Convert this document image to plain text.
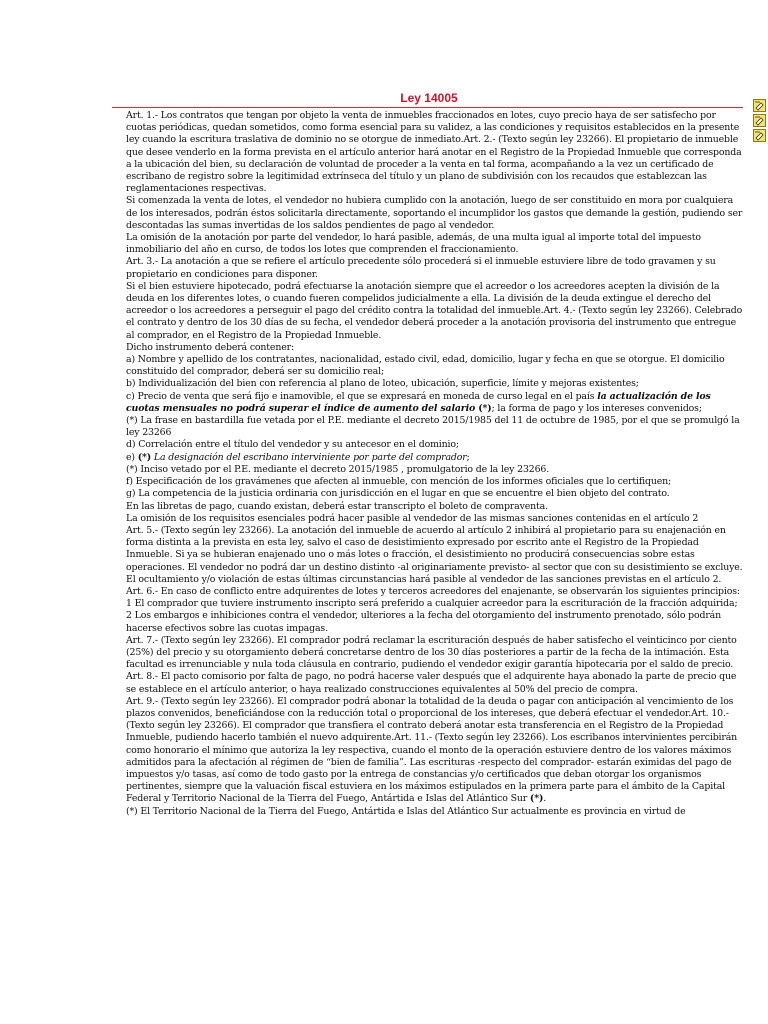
Ley 14005

Art. 1.- Los contratos que tengan por objeto la venta de inmuebles fraccionados en lotes, cuyo precio haya de ser satisfecho por cuotas periódicas, quedan sometidos, como forma esencial para su validez, a las condiciones y requisitos establecidos en la presente ley cuando la escritura traslativa de dominio no se otorgue de inmediato.Art. 2.- (Texto según ley 23266). El propietario de inmueble que desee venderlo en la forma prevista en el artículo anterior hará anotar en el Registro de la Propiedad Inmueble que corresponda a la ubicación del bien, su declaración de voluntad de proceder a la venta en tal forma, acompañando a la vez un certificado de escribano de registro sobre la legitimidad extrínseca del título y un plano de subdivisión con los recaudos que establezcan las reglamentaciones respectivas.

Si comenzada la venta de lotes, el vendedor no hubiera cumplido con la anotación, luego de ser constituido en mora por cualquiera de los interesados, podrán éstos solicitarla directamente, soportando el incumplidor los gastos que demande la gestión, pudiendo ser descontadas las sumas invertidas de los saldos pendientes de pago al vendedor.

La omisión de la anotación por parte del vendedor, lo hará pasible, además, de una multa igual al importe total del impuesto inmobiliario del año en curso, de todos los lotes que comprenden el fraccionamiento.

Art. 3.- La anotación a que se refiere el artículo precedente sólo procederá si el inmueble estuviere libre de todo gravamen y su propietario en condiciones para disponer.

Si el bien estuviere hipotecado, podrá efectuarse la anotación siempre que el acreedor o los acreedores acepten la división de la deuda en los diferentes lotes, o cuando fueren compelidos judicialmente a ella. La división de la deuda extingue el derecho del acreedor o los acreedores a perseguir el pago del crédito contra la totalidad del inmueble.Art. 4.- (Texto según ley 23266). Celebrado el contrato y dentro de los 30 días de su fecha, el vendedor deberá proceder a la anotación provisoria del instrumento que entregue al comprador, en el Registro de la Propiedad Inmueble.

Dicho instrumento deberá contener:

a) Nombre y apellido de los contratantes, nacionalidad, estado civil, edad, domicilio, lugar y fecha en que se otorgue. El domicilio constituido del comprador, deberá ser su domicilio real;

b) Individualización del bien con referencia al plano de loteo, ubicación, superficie, límite y mejoras existentes;

c) Precio de venta que será fijo e inamovible, el que se expresará en moneda de curso legal en el país la actualización de los cuotas mensuales no podrá superar el índice de aumento del salario (*); la forma de pago y los intereses convenidos;

(*) La frase en bastardilla fue vetada por el P.E. mediante el decreto 2015/1985 del 11 de octubre de 1985, por el que se promulgó la ley 23266

d) Correlación entre el título del vendedor y su antecesor en el dominio;

e) (*) La designación del escribano interviniente por parte del comprador;

(*) Inciso vetado por el P.E. mediante el decreto 2015/1985 , promulgatorio de la ley 23266.

f) Especificación de los gravámenes que afecten al inmueble, con mención de los informes oficiales que lo certifiquen;

g) La competencia de la justicia ordinaria con jurisdicción en el lugar en que se encuentre el bien objeto del contrato.

En las libretas de pago, cuando existan, deberá estar transcripto el boleto de compraventa.

La omisión de los requisitos esenciales podrá hacer pasible al vendedor de las mismas sanciones contenidas en el artículo 2

Art. 5.- (Texto según ley 23266). La anotación del inmueble de acuerdo al artículo 2 inhibirá al propietario para su enajenación en forma distinta a la prevista en esta ley, salvo el caso de desistimiento expresado por escrito ante el Registro de la Propiedad Inmueble. Si ya se hubieran enajenado uno o más lotes o fracción, el desistimiento no producirá consecuencias sobre estas operaciones. El vendedor no podrá dar un destino distinto -al originariamente previsto- al sector que con su desistimiento se excluye.

El ocultamiento y/o violación de estas últimas circunstancias hará pasible al vendedor de las sanciones previstas en el artículo 2.

Art. 6.- En caso de conflicto entre adquirentes de lotes y terceros acreedores del enajenante, se observarán los siguientes principios:

1 El comprador que tuviere instrumento inscripto será preferido a cualquier acreedor para la escrituración de la fracción adquirida;

2 Los embargos e inhibiciones contra el vendedor, ulteriores a la fecha del otorgamiento del instrumento prenotado, sólo podrán hacerse efectivos sobre las cuotas impagas.

Art. 7.- (Texto según ley 23266). El comprador podrá reclamar la escrituración después de haber satisfecho el veinticinco por ciento (25%) del precio y su otorgamiento deberá concretarse dentro de los 30 días posteriores a partir de la fecha de la intimación. Esta facultad es irrenunciable y nula toda cláusula en contrario, pudiendo el vendedor exigir garantía hipotecaria por el saldo de precio.

Art. 8.- El pacto comisorio por falta de pago, no podrá hacerse valer después que el adquirente haya abonado la parte de precio que se establece en el artículo anterior, o haya realizado construcciones equivalentes al 50% del precio de compra.

Art. 9.- (Texto según ley 23266). El comprador podrá abonar la totalidad de la deuda o pagar con anticipación al vencimiento de los plazos convenidos, beneficiándose con la reducción total o proporcional de los intereses, que deberá efectuar el vendedor.Art. 10.- (Texto según ley 23266). El comprador que transfiera el contrato deberá anotar esta transferencia en el Registro de la Propiedad Inmueble, pudiendo hacerlo también el nuevo adquirente.Art. 11.- (Texto según ley 23266). Los escribanos intervinientes percibirán como honorario el mínimo que autoriza la ley respectiva, cuando el monto de la operación estuviere dentro de los valores máximos admitidos para la afectación al régimen de “bien de familia”. Las escrituras -respecto del comprador- estarán eximidas del pago de impuestos y/o tasas, así como de todo gasto por la entrega de constancias y/o certificados que deban otorgar los organismos pertinentes, siempre que la valuación fiscal estuviera en los máximos estipulados en la primera parte para el ámbito de la Capital Federal y Territorio Nacional de la Tierra del Fuego, Antártida e Islas del Atlántico Sur (*).

(*) El Territorio Nacional de la Tierra del Fuego, Antártida e Islas del Atlántico Sur actualmente es provincia en virtud de
